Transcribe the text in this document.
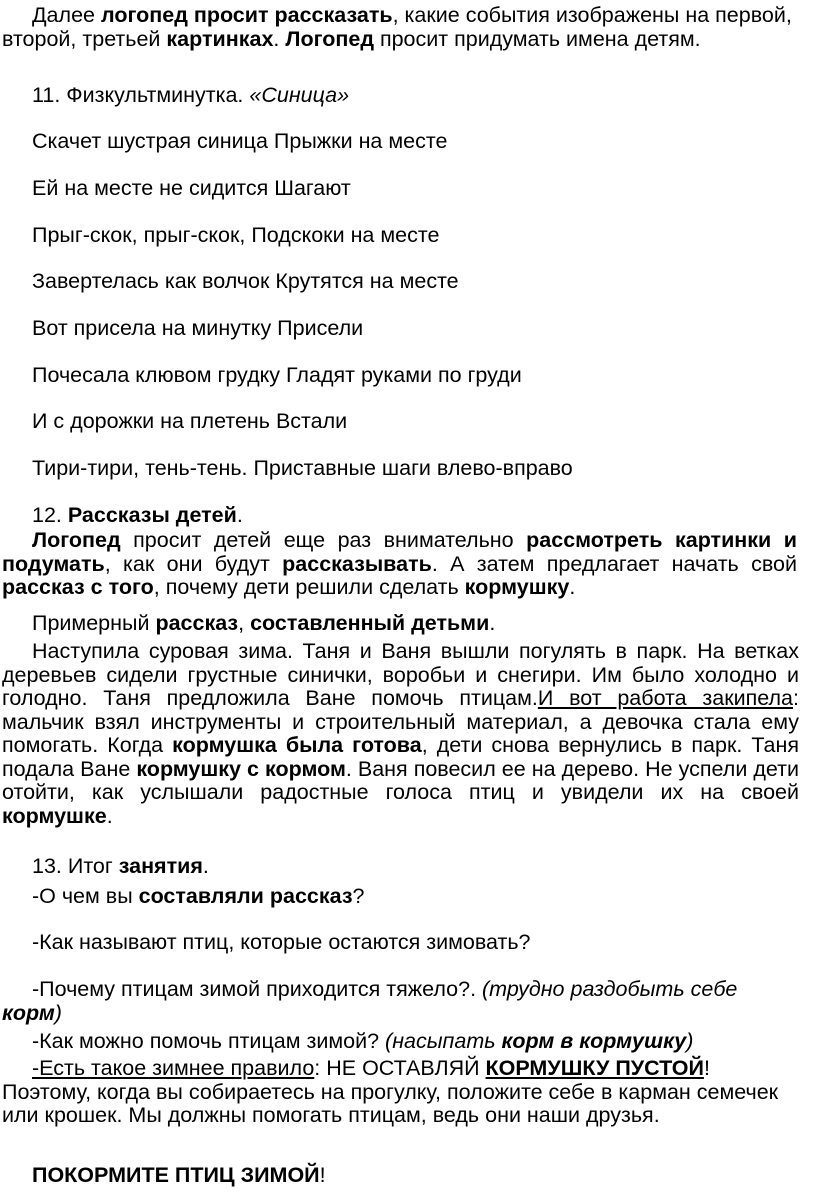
Далее логопед просит рассказать, какие события изображены на первой, второй, третьей картинках. Логопед просит придумать имена детям.

11. Физкультминутка. «Синица»

Скачет шустрая синица Прыжки на месте

Ей на месте не сидится Шагают

Прыг-скок, прыг-скок, Подскоки на месте

Завертелась как волчок Крутятся на месте

Вот присела на минутку Присели

Почесала клювом грудку Гладят руками по груди

И с дорожки на плетень Встали

Тири-тири, тень-тень. Приставные шаги влево-вправо

12. Рассказы детей.

Логопед просит детей еще раз внимательно рассмотреть картинки и подумать, как они будут рассказывать. А затем предлагает начать свой рассказ с того, почему дети решили сделать кормушку.

Примерный рассказ, составленный детьми.

Наступила суровая зима. Таня и Ваня вышли погулять в парк. На ветках деревьев сидели грустные синички, воробьи и снегири. Им было холодно и голодно. Таня предложила Ване помочь птицам.И вот работа закипела: мальчик взял инструменты и строительный материал, а девочка стала ему помогать. Когда кормушка была готова, дети снова вернулись в парк. Таня подала Ване кормушку с кормом. Ваня повесил ее на дерево. Не успели дети отойти, как услышали радостные голоса птиц и увидели их на своей кормушке.

13. Итог занятия.

-О чем вы составляли рассказ?

-Как называют птиц, которые остаются зимовать?

-Почему птицам зимой приходится тяжело?. (трудно раздобыть себе корм)

-Как можно помочь птицам зимой? (насыпать корм в кормушку)

-Есть такое зимнее правило: НЕ ОСТАВЛЯЙ КОРМУШКУ ПУСТОЙ! Поэтому, когда вы собираетесь на прогулку, положите себе в карман семечек или крошек. Мы должны помогать птицам, ведь они наши друзья.

ПОКОРМИТЕ ПТИЦ ЗИМОЙ!
